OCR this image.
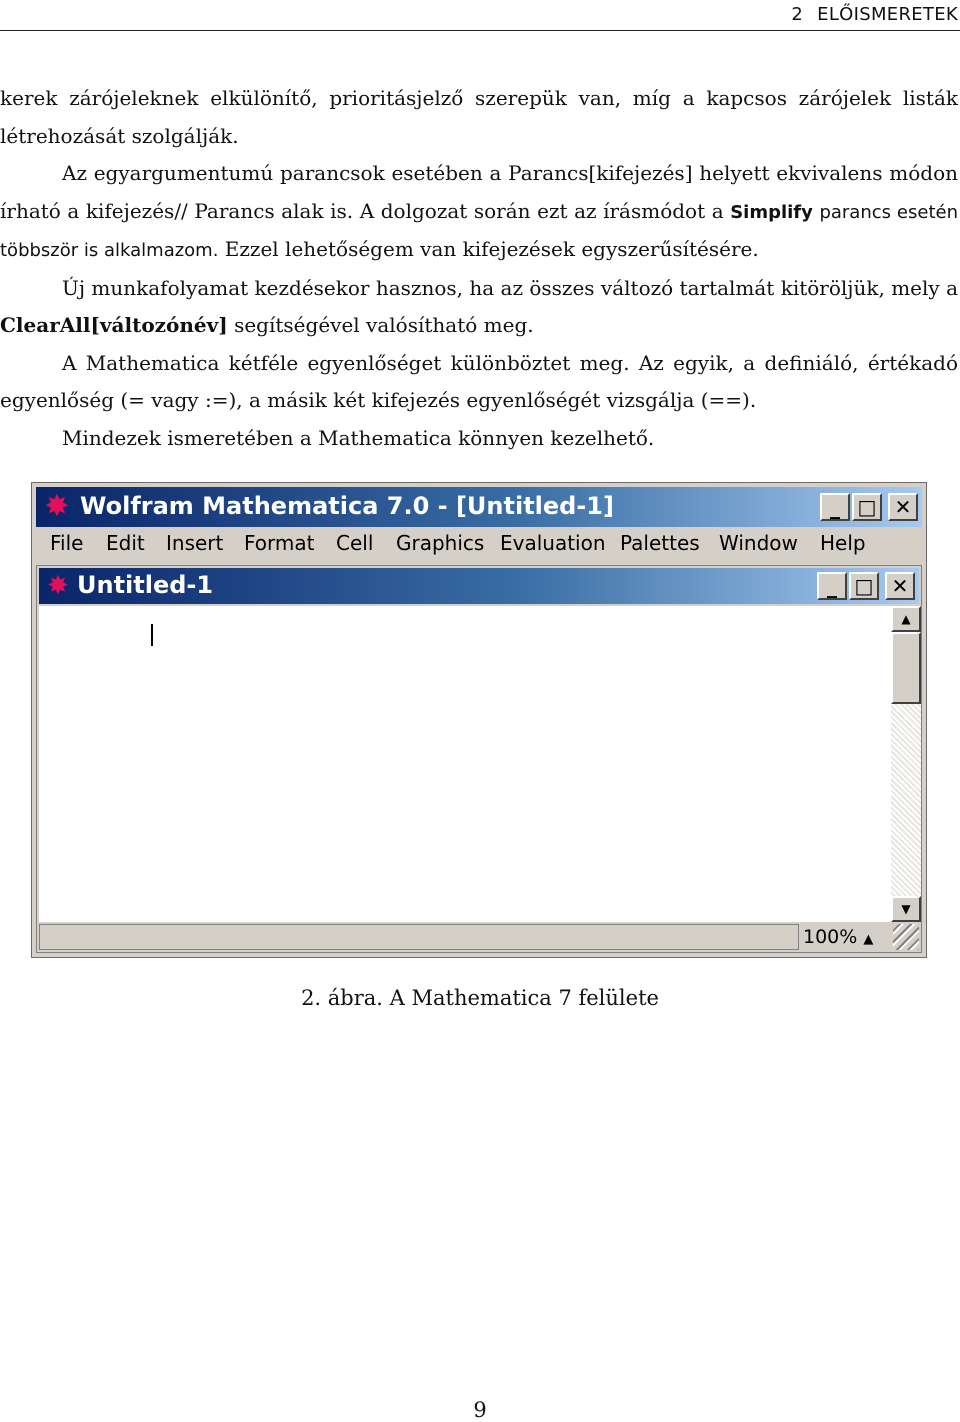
2 ELŐISMERETEK

kerek zárójeleknek elkülönítő, prioritásjelző szerepük van, míg a kapcsos zárójelek listák létrehozását szolgálják.

Az egyargumentumú parancsok esetében a Parancs[kifejezés] helyett ekvivalens módon írható a kifejezés// Parancs alak is. A dolgozat során ezt az írásmódot a Simplify parancs esetén többször is alkalmazom. Ezzel lehetőségem van kifejezések egyszerűsítésére.

Új munkafolyamat kezdésekor hasznos, ha az összes változó tartalmát kitöröljük, mely a ClearAll[változónév] segítségével valósítható meg.

A Mathematica kétféle egyenlőséget különböztet meg. Az egyik, a definiáló, értékadó egyenlőség (= vagy :=), a másik két kifejezés egyenlőségét vizsgálja (==).

Mindezek ismeretében a Mathematica könnyen kezelhető.

✸ Wolfram Mathematica 7.0 - [Untitled-1]	_ □ ✕
File Edit Insert Format Cell Graphics Evaluation Palettes Window Help
✸ Untitled-1	_ □ ✕
▲
▼
100% ▲
2. ábra. A Mathematica 7 felülete
9
